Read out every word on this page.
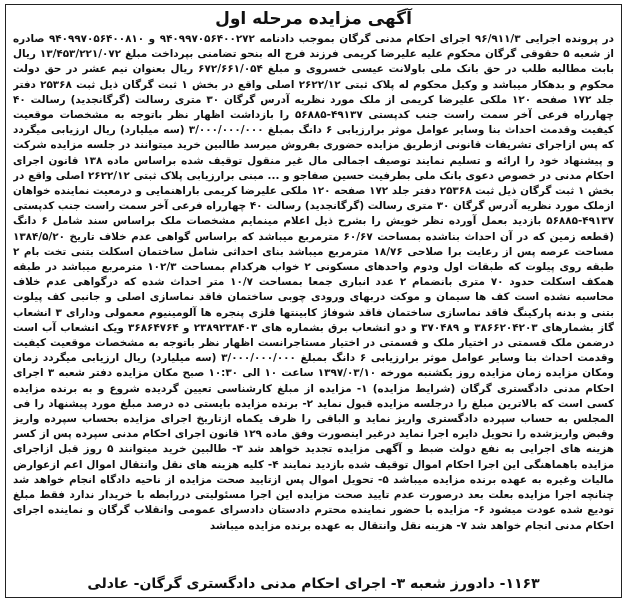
آگهی مزایده مرحله اول

در پرونده اجرایی ۹۶/۹۱۱/۳ اجرای احکام مدنی گرگان بموجب دادنامه ۹۴۰۹۹۷۰۵۶۴۰۰۲۷۲ و ۹۴۰۹۹۷۰۵۶۴۰۰۸۱۰ صادره از شعبه ۵ حقوقی گرگان محکوم علیه علیرضا کریمی فرزند فرج اله بنحو تضامنی بپرداخت مبلغ ۱۳/۴۵۳/۲۲۱/۰۷۲ ریال بابت مطالبه طلب در حق بانک ملی باولانت عیسی خسروی و مبلغ ۶۷۲/۶۶۱/۰۵۴ ریال بعنوان نیم عشر در حق دولت محکوم و بدهکار میباشد و وکیل محکوم له پلاک ثبتی ۲۶۲۲/۱۲ اصلی واقع در بخش ۱ ثبت گرگان ذیل ثبت ۲۵۳۶۸ دفتر جلد ۱۷۲ صفحه ۱۲۰ ملکی علیرضا کریمی از ملک مورد نظریه آدرس گرگان ۳۰ متری رسالت (گرگانجدید) رسالت ۴۰ چهارراه فرعی آخر سمت راست جنب کدپستی ۴۹۱۳۷-۵۶۸۸۵ را بازداشت اظهار نظر باتوجه به مشخصات موقعیت کیفیت وقدمت احداث بنا وسایر عوامل موثر برارزیابی ۶ دانگ بمبلغ ۳/۰۰۰/۰۰۰/۰۰۰ (سه میلیارد) ریال ارزیابی میگردد که پس ازاجرای تشریفات قانونی ازطریق مزایده حضوری بفروش میرسد طالبین خرید میتوانند در جلسه مزایده شرکت و پیشنهاد خود را ارائه و تسلیم نمایند توصیف اجمالی مال غیر منقول توقیف شده براساس ماده ۱۳۸ قانون اجرای احکام مدنی در خصوص دعوی بانک ملی بطرفیت حسین صفاجو و ... مبنی برارزیابی پلاک ثبتی ۲۶۲۲/۱۲ اصلی واقع در بخش ۱ ثبت گرگان ذیل ثبت ۲۵۳۶۸ دفتر جلد ۱۷۲ صفحه ۱۲۰ ملکی علیرضا کریمی باراهنمایی و درمعیت نماینده خواهان ازملک مورد نظریه آدرس گرگان ۳۰ متری رسالت (گرگانجدید) رسالت ۴۰ چهارراه فرعی آخر سمت راست جنب کدپستی ۴۹۱۳۷-۵۶۸۸۵ بازدید بعمل آورده نظر خویش را بشرح ذیل اعلام مینمایم مشخصات ملک براساس سند شامل ۶ دانگ (قطعه زمین که در آن احداث بناشده بمساحت ۶۰/۶۷ مترمربع میباشد که براساس گواهی عدم خلاف تاریخ ۱۳۸۴/۵/۲۰ مساحت عرصه پس از رعایت برا صلاحی ۱۸/۷۶ مترمربع میباشد بنای احداثی شامل ساختمان اسکلت بتنی تخت بام ۲ طبقه روی پیلوت که طبقات اول ودوم واحدهای مسکونی ۲ خواب هرکدام بمساحت ۱۰۲/۳ مترمربع میباشد در طبقه همکف اسکلت حدود ۷۰ متری بانضمام ۲ عدد انباری جمعا بمساحت ۱۰/۷ متر احداث شده که درگواهی عدم خلاف محاسبه نشده است کف ها سیمان و موکت دربهای ورودی چوبی ساختمان فاقد نماسازی اصلی و جانبی کف پیلوت بتنی و بدنه پارکینگ فاقد نماسازی ساختمان فاقد شوفاژ کابینتها فلزی پنجره ها آلومینیوم معمولی ودارای ۳ انشعاب گاز بشمارهای ۳۸۶۶۲۰۴۲۰۳ و ۳۷۰۴۸۹ و دو انشعاب برق بشماره های ۲۳۸۹۲۳۸۴۰۳ و ۳۶۸۶۴۷۶۴ ویک انشعاب آب است درضمن ملک قسمتی در اختیار ملک و قسمتی در اختیار مستاجرانست اظهار نظر باتوجه به مشخصات موقعیت کیفیت وقدمت احداث بنا وسایر عوامل موثر برارزیابی ۶ دانگ بمبلغ ۳/۰۰۰/۰۰۰/۰۰۰ (سه میلیارد) ریال ارزیابی میگردد زمان ومکان مزایده زمان مزایده روز یکشنبه مورخه ۱۳۹۷/۰۳/۱۰ ساعت ۱۰ الی ۱۰:۳۰ صبح مکان مزایده دفتر شعبه ۳ اجرای احکام مدنی دادگستری گرگان (شرایط مزایده) ۱- مزایده از مبلغ کارشناسی تعیین گردیده شروع و به برنده مزایده کسی است که بالاترین مبلغ را درجلسه مزایده قبول نماید ۲- برنده مزایده بایستی ده درصد مبلغ مورد پیشنهاد را فی المجلس به حساب سپرده دادگستری واریز نماید و الباقی را ظرف یکماه ازتاریخ اجرای مزایده بحساب سپرده واریز وقبض واریزشده را تحویل دایره اجرا نماید درغیر اینصورت وفق ماده ۱۲۹ قانون اجرای احکام مدنی سپرده پس از کسر هزینه های اجرایی به نفع دولت ضبط و آگهی مزایده تجدید خواهد شد ۳- طالبین خرید میتوانند ۵ روز قبل ازاجرای مزایده باهماهنگی این اجرا احکام اموال توقیف شده بازدید نمایند ۴- کلیه هزینه های نقل وانتقال اموال اعم ازعوارض مالیات وغیره به عهده برنده مزایده میباشد ۵- تحویل اموال پس ازتایید صحت مزایده از ناحیه دادگاه انجام خواهد شد چنانچه اجرا مزایده بعلت بعد درصورت عدم تایید صحت مزایده این اجرا مسئولیتی دررابطه با خریدار ندارد فقط مبلغ تودیع شده عودت میشود ۶- مزایده با حضور نماینده محترم دادستان دادسرای عمومی وانقلاب گرگان و نماینده اجرای احکام مدنی انجام خواهد شد ۷- هزینه نقل وانتقال به عهده برنده مزایده میباشد

۱۱۶۳- دادورز شعبه ۳- اجرای احکام مدنی دادگستری گرگان- عادلی
